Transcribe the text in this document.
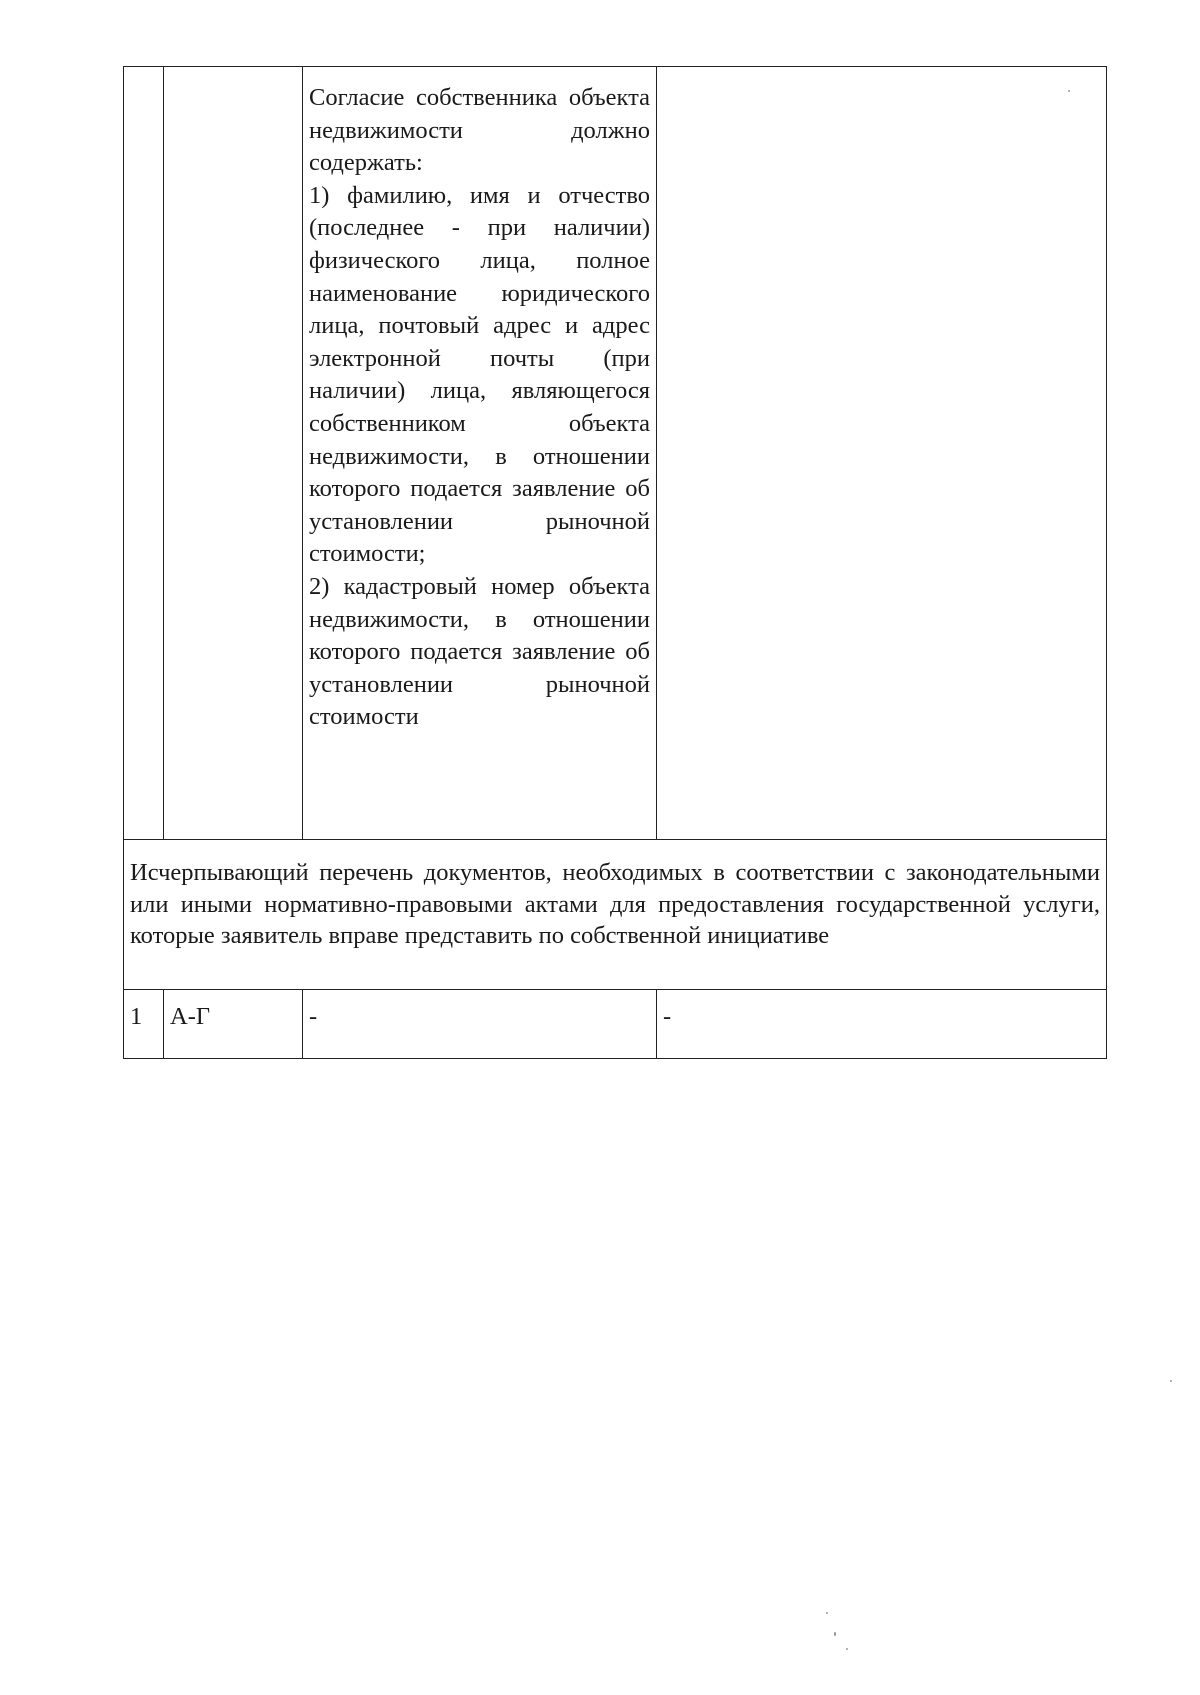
		Согласие собственника объекта недвижимости должно содержать:

1) фамилию, имя и отчество (последнее - при наличии) физического лица, полное наименование юридического лица, почтовый адрес и адрес электронной почты (при наличии) лица, являющегося собственником объекта недвижимости, в отношении которого подается заявление об установлении рыночной стоимости;

2) кадастровый номер объекта недвижимости, в отношении которого подается заявление об установлении рыночной стоимости	

Исчерпывающий перечень документов, необходимых в соответствии с законодательными или иными нормативно-правовыми актами для предоставления государственной услуги, которые заявитель вправе представить по собственной инициативе			
1	А-Г	-	-
